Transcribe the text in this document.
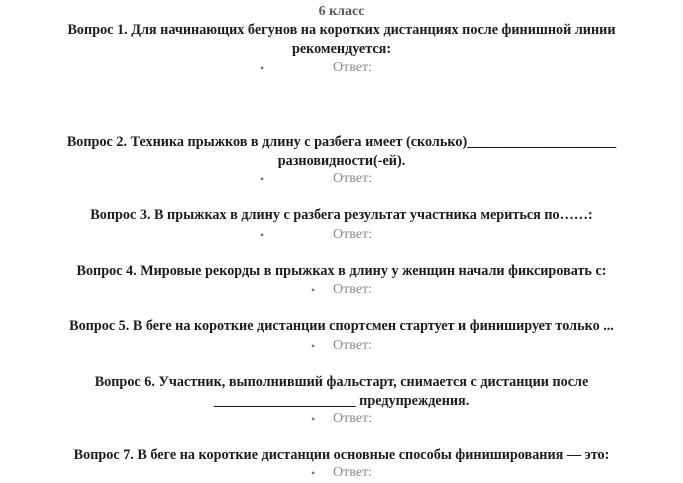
6 класс
Вопрос 1. Для начинающих бегунов на коротких дистанциях после финишной линии
рекомендуется:
•	Ответ:
Вопрос 2. Техника прыжков в длину с разбега имеет (сколько)_____________________
разновидности(-ей).
•	Ответ:
Вопрос 3. В прыжках в длину с разбега результат участника мериться по……:
•	Ответ:
Вопрос 4. Мировые рекорды в прыжках в длину у женщин начали фиксировать с:
• Ответ:
Вопрос 5. В беге на короткие дистанции спортсмен стартует и финиширует только ...
• Ответ:
Вопрос 6. Участник, выполнивший фальстарт, снимается с дистанции после
____________________ предупреждения.
• Ответ:
Вопрос 7. В беге на короткие дистанции основные способы финиширования — это:
• Ответ:
